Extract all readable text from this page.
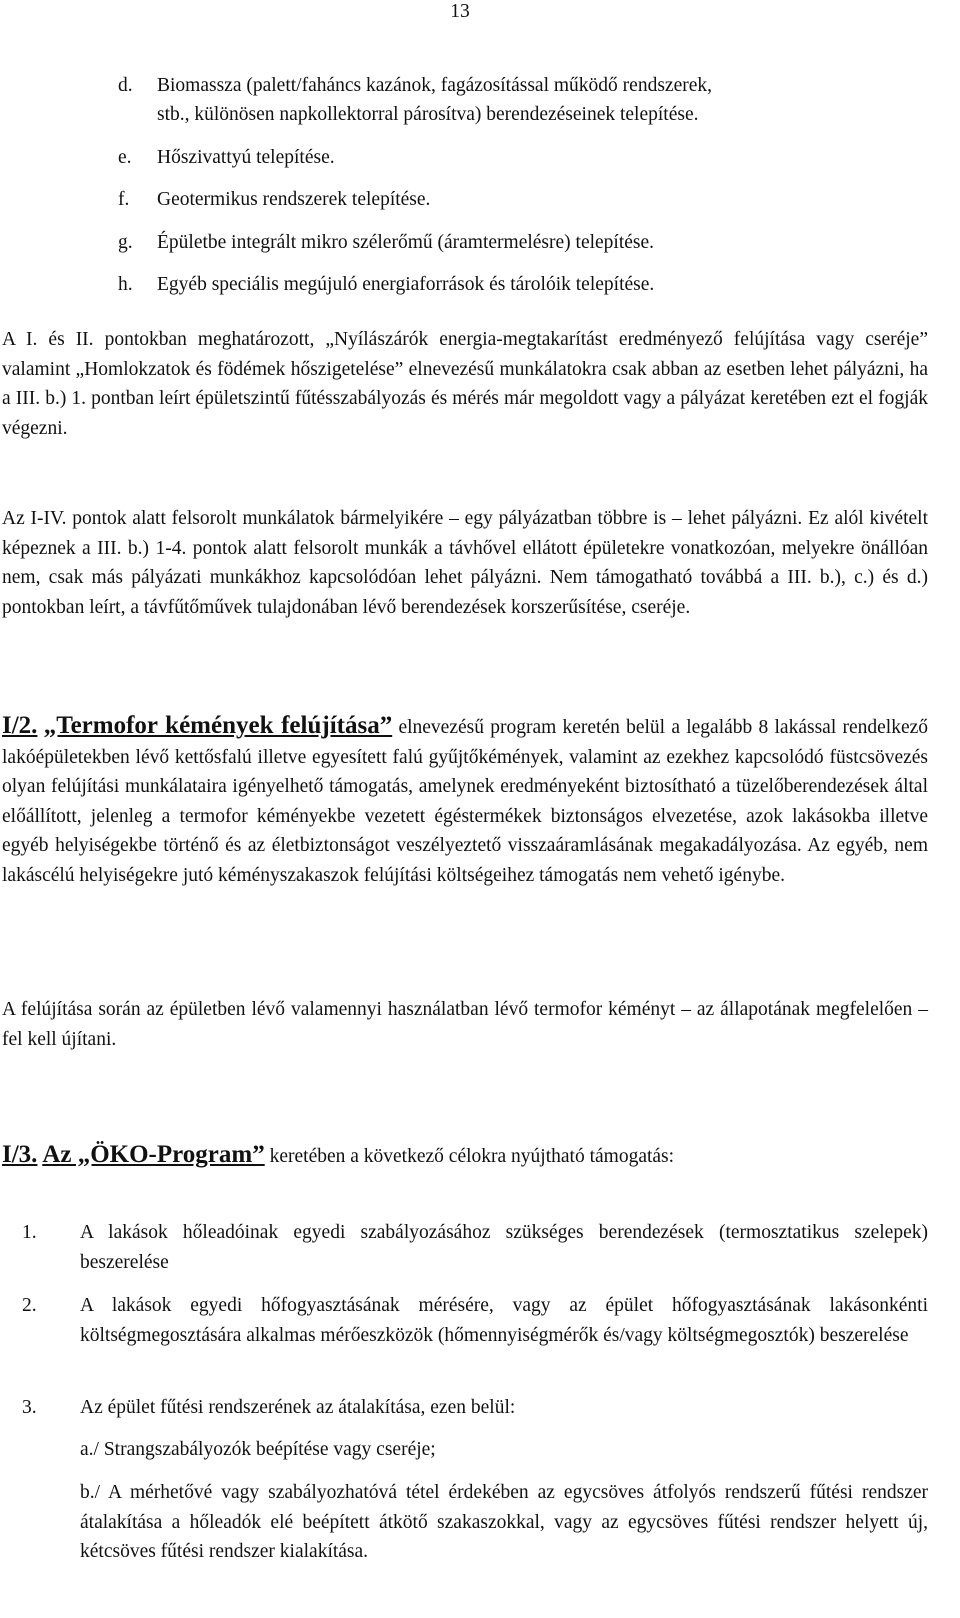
13
d. Biomassza (palett/faháncs kazánok, fagázosítással működő rendszerek,
stb., különösen napkollektorral párosítva) berendezéseinek telepítése.
e. Hőszivattyú telepítése.
f. Geotermikus rendszerek telepítése.
g. Épületbe integrált mikro szélerőmű (áramtermelésre) telepítése.
h. Egyéb speciális megújuló energiaforrások és tárolóik telepítése.

A I. és II. pontokban meghatározott, „Nyílászárók energia-megtakarítást eredményező felújítása vagy cseréje” valamint „Homlokzatok és födémek hőszigetelése” elnevezésű munkálatokra csak abban az esetben lehet pályázni, ha a III. b.) 1. pontban leírt épületszintű fűtésszabályozás és mérés már megoldott vagy a pályázat keretében ezt el fogják végezni.

Az I-IV. pontok alatt felsorolt munkálatok bármelyikére – egy pályázatban többre is – lehet pályázni. Ez alól kivételt képeznek a III. b.) 1-4. pontok alatt felsorolt munkák a távhővel ellátott épületekre vonatkozóan, melyekre önállóan nem, csak más pályázati munkákhoz kapcsolódóan lehet pályázni. Nem támogatható továbbá a III. b.), c.) és d.) pontokban leírt, a távfűtőművek tulajdonában lévő berendezések korszerűsítése, cseréje.

I/2. „Termofor kémények felújítása” elnevezésű program keretén belül a legalább 8 lakással rendelkező lakóépületekben lévő kettősfalú illetve egyesített falú gyűjtőkémények, valamint az ezekhez kapcsolódó füstcsövezés olyan felújítási munkálataira igényelhető támogatás, amelynek eredményeként biztosítható a tüzelőberendezések által előállított, jelenleg a termofor kéményekbe vezetett égéstermékek biztonságos elvezetése, azok lakásokba illetve egyéb helyiségekbe történő és az életbiztonságot veszélyeztető visszaáramlásának megakadályozása. Az egyéb, nem lakáscélú helyiségekre jutó kéményszakaszok felújítási költségeihez támogatás nem vehető igénybe.

A felújítása során az épületben lévő valamennyi használatban lévő termofor kéményt – az állapotának megfelelően – fel kell újítani.

I/3. Az „ÖKO-Program” keretében a következő célokra nyújtható támogatás:

1. A lakások hőleadóinak egyedi szabályozásához szükséges berendezések (termosztatikus szelepek) beszerelése
2. A lakások egyedi hőfogyasztásának mérésére, vagy az épület hőfogyasztásának lakásonkénti költségmegosztására alkalmas mérőeszközök (hőmennyiségmérők és/vagy költségmegosztók) beszerelése
3. Az épület fűtési rendszerének az átalakítása, ezen belül:
a./ Strangszabályozók beépítése vagy cseréje;
b./ A mérhetővé vagy szabályozhatóvá tétel érdekében az egycsöves átfolyós rendszerű fűtési rendszer átalakítása a hőleadók elé beépített átkötő szakaszokkal, vagy az egycsöves fűtési rendszer helyett új, kétcsöves fűtési rendszer kialakítása.
